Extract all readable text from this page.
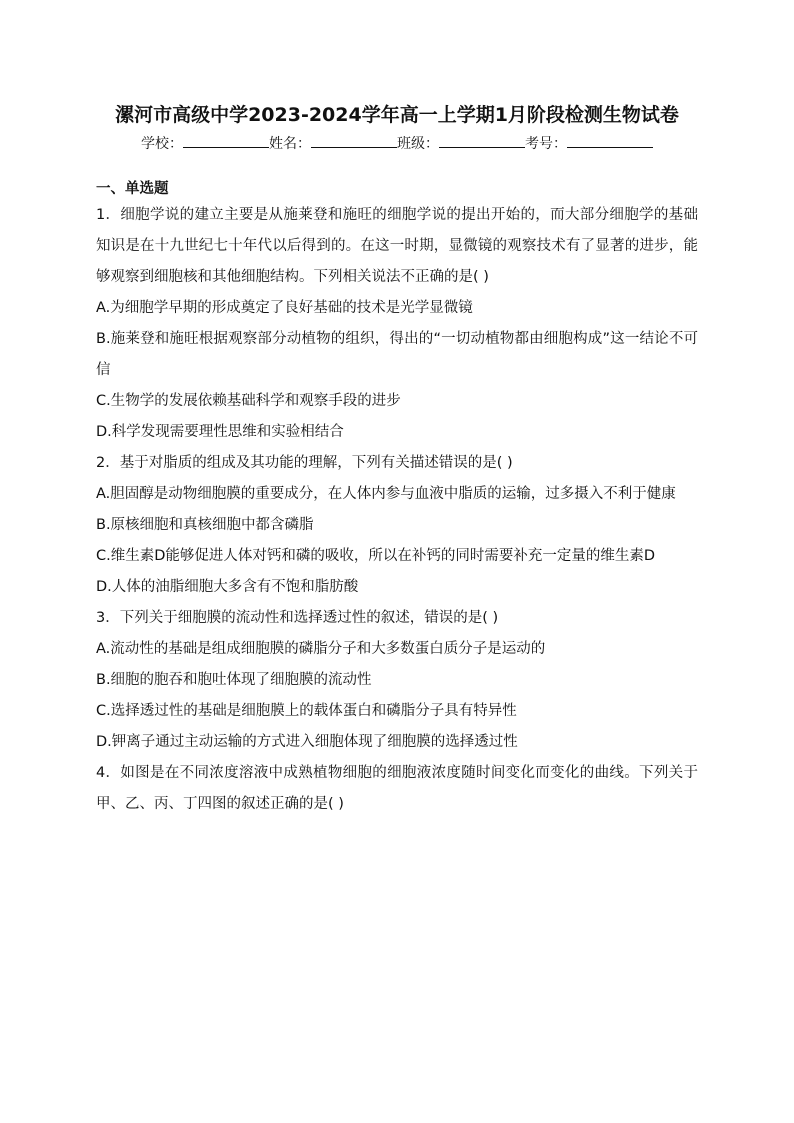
漯河市高级中学2023-2024学年高一上学期1月阶段检测生物试卷
学校：	姓名：	班级：	考号：
一、单选题

1．细胞学说的建立主要是从施莱登和施旺的细胞学说的提出开始的，而大部分细胞学的基础知识是在十九世纪七十年代以后得到的。在这一时期，显微镜的观察技术有了显著的进步，能够观察到细胞核和其他细胞结构。下列相关说法不正确的是( )

A.为细胞学早期的形成奠定了良好基础的技术是光学显微镜

B.施莱登和施旺根据观察部分动植物的组织，得出的“一切动植物都由细胞构成”这一结论不可信

C.生物学的发展依赖基础科学和观察手段的进步

D.科学发现需要理性思维和实验相结合

2．基于对脂质的组成及其功能的理解，下列有关描述错误的是( )

A.胆固醇是动物细胞膜的重要成分，在人体内参与血液中脂质的运输，过多摄入不利于健康

B.原核细胞和真核细胞中都含磷脂

C.维生素D能够促进人体对钙和磷的吸收，所以在补钙的同时需要补充一定量的维生素D

D.人体的油脂细胞大多含有不饱和脂肪酸

3．下列关于细胞膜的流动性和选择透过性的叙述，错误的是( )

A.流动性的基础是组成细胞膜的磷脂分子和大多数蛋白质分子是运动的

B.细胞的胞吞和胞吐体现了细胞膜的流动性

C.选择透过性的基础是细胞膜上的载体蛋白和磷脂分子具有特异性

D.钾离子通过主动运输的方式进入细胞体现了细胞膜的选择透过性

4．如图是在不同浓度溶液中成熟植物细胞的细胞液浓度随时间变化而变化的曲线。下列关于甲、乙、丙、丁四图的叙述正确的是( )
